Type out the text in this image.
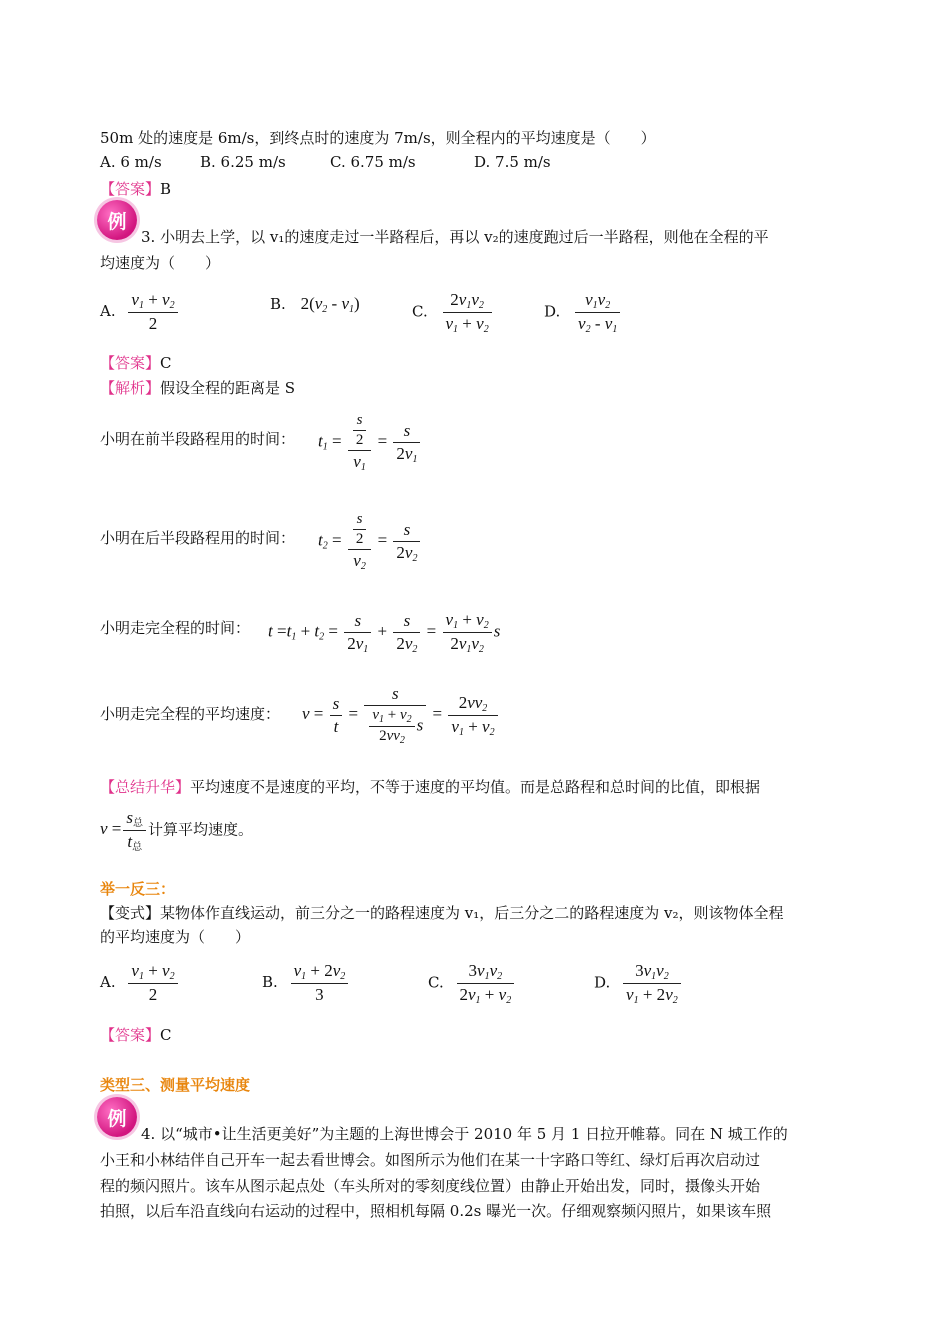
50m 处的速度是 6m/s，到终点时的速度为 7m/s，则全程内的平均速度是（　　）
A. 6 m/s	B. 6.25 m/s	C. 6.75 m/s	D. 7.5 m/s
【答案】B
例
3. 小明去上学，以 v₁的速度走过一半路程后，再以 v₂的速度跑过后一半路程，则他在全程的平
均速度为（　　）
A. $\frac{v_1 + v_2}{2}$	B. $2(v_2 - v_1)$	C. $\frac{2v_1v_2}{v_1 + v_2}$	D. $\frac{v_1v_2}{v_2 - v_1}$
【答案】C
【解析】假设全程的距离是 S
小明在前半段路程用的时间： $t_1 = \frac{\frac{s}{2}}{v_1} = \frac{s}{2v_1}$
小明在后半段路程用的时间： $t_2 = \frac{\frac{s}{2}}{v_2} = \frac{s}{2v_2}$
小明走完全程的时间： $t =t_1 + t_2 = \frac{s}{2v_1} + \frac{s}{2v_2} = \frac{v_1 + v_2}{2v_1v_2}$ s
小明走完全程的平均速度： $v = \frac{s}{t} = \frac{s}{\frac{v_1 + v_2}{2vv_2} s} = \frac{2vv_2}{v_1 + v_2}$
【总结升华】平均速度不是速度的平均，不等于速度的平均值。而是总路程和总时间的比值，即根据
$v = \frac{s_总}{t_总}$ 计算平均速度。
举一反三：
【变式】某物体作直线运动，前三分之一的路程速度为 v₁，后三分之二的路程速度为 v₂，则该物体全程
的平均速度为（　　）
A. $\frac{v_1 + v_2}{2}$	B. $\frac{v_1 + 2v_2}{3}$	C. $\frac{3v_1v_2}{2v_1 + v_2}$	D. $\frac{3v_1v_2}{v_1 + 2v_2}$
【答案】C
类型三、测量平均速度
例
4. 以“城市•让生活更美好”为主题的上海世博会于 2010 年 5 月 1 日拉开帷幕。同在 N 城工作的
小王和小林结伴自己开车一起去看世博会。如图所示为他们在某一十字路口等红、绿灯后再次启动过
程的频闪照片。该车从图示起点处（车头所对的零刻度线位置）由静止开始出发，同时，摄像头开始
拍照，以后车沿直线向右运动的过程中，照相机每隔 0.2s 曝光一次。仔细观察频闪照片，如果该车照
